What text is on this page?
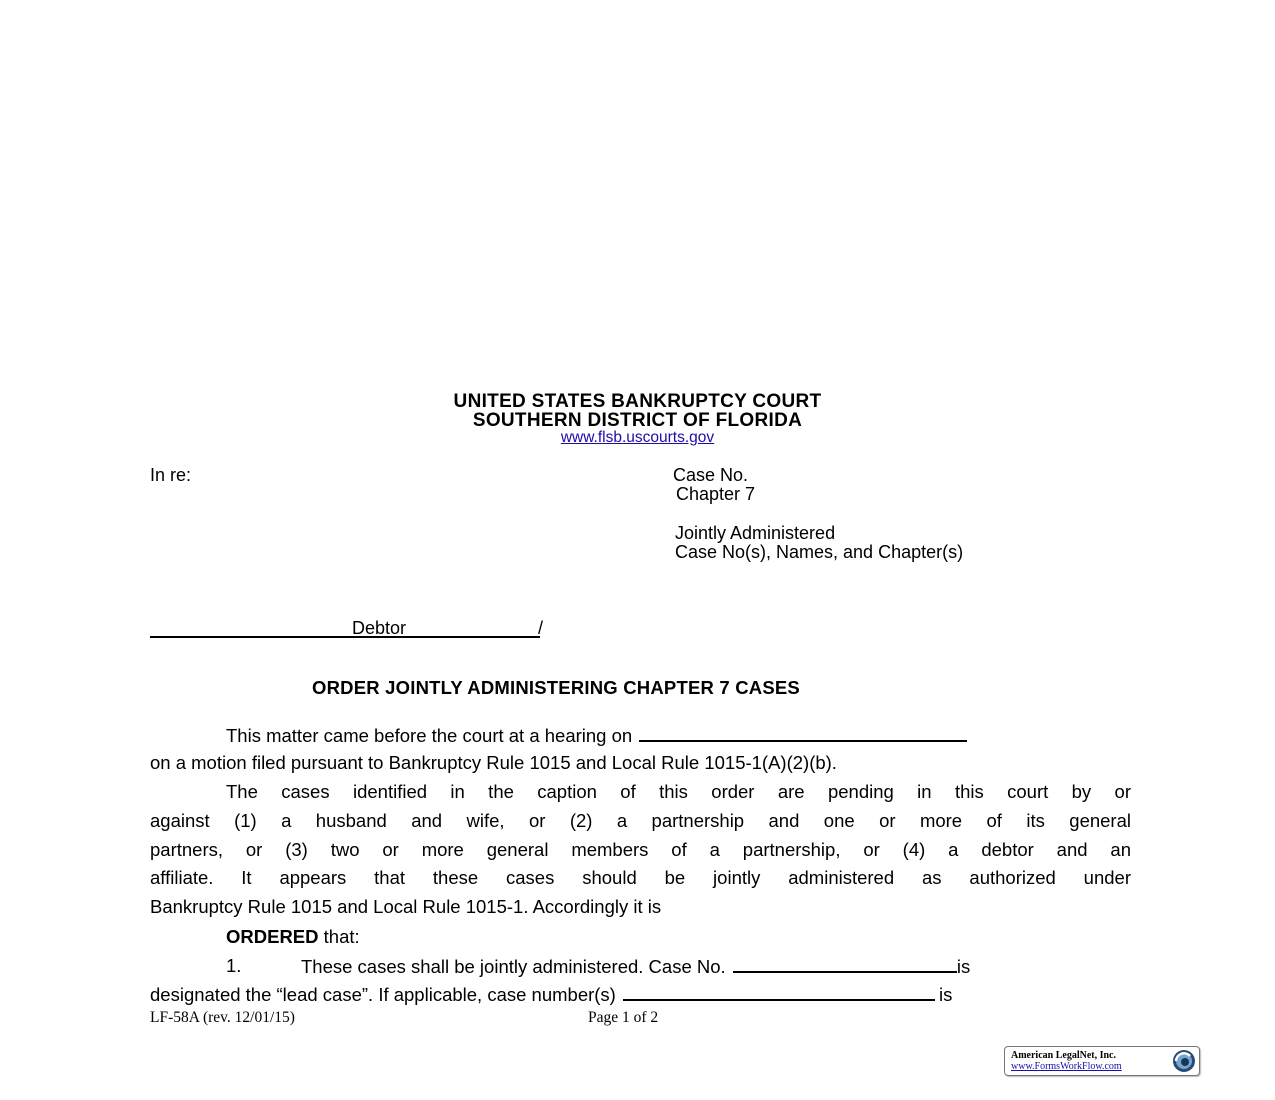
UNITED STATES BANKRUPTCY COURT
SOUTHERN DISTRICT OF FLORIDA
www.flsb.uscourts.gov
In re:	Case No.
Chapter 7
Jointly Administered
Case No(s), Names, and Chapter(s)
Debtor	/
ORDER JOINTLY ADMINISTERING CHAPTER 7 CASES
This matter came before the court at a hearing on
on a motion filed pursuant to Bankruptcy Rule 1015 and Local Rule 1015-1(A)(2)(b).
The cases identified in the caption of this order are pending in this court by or
against (1) a husband and wife, or (2) a partnership and one or more of its general
partners, or (3) two or more general members of a partnership, or (4) a debtor and an
affiliate. It appears that these cases should be jointly administered as authorized under
Bankruptcy Rule 1015 and Local Rule 1015-1. Accordingly it is
ORDERED that:
1.	These cases shall be jointly administered. Case No.	is
designated the “lead case”. If applicable, case number(s)	is
LF-58A (rev. 12/01/15)	Page 1 of 2
American LegalNet, Inc.
www.FormsWorkFlow.com
